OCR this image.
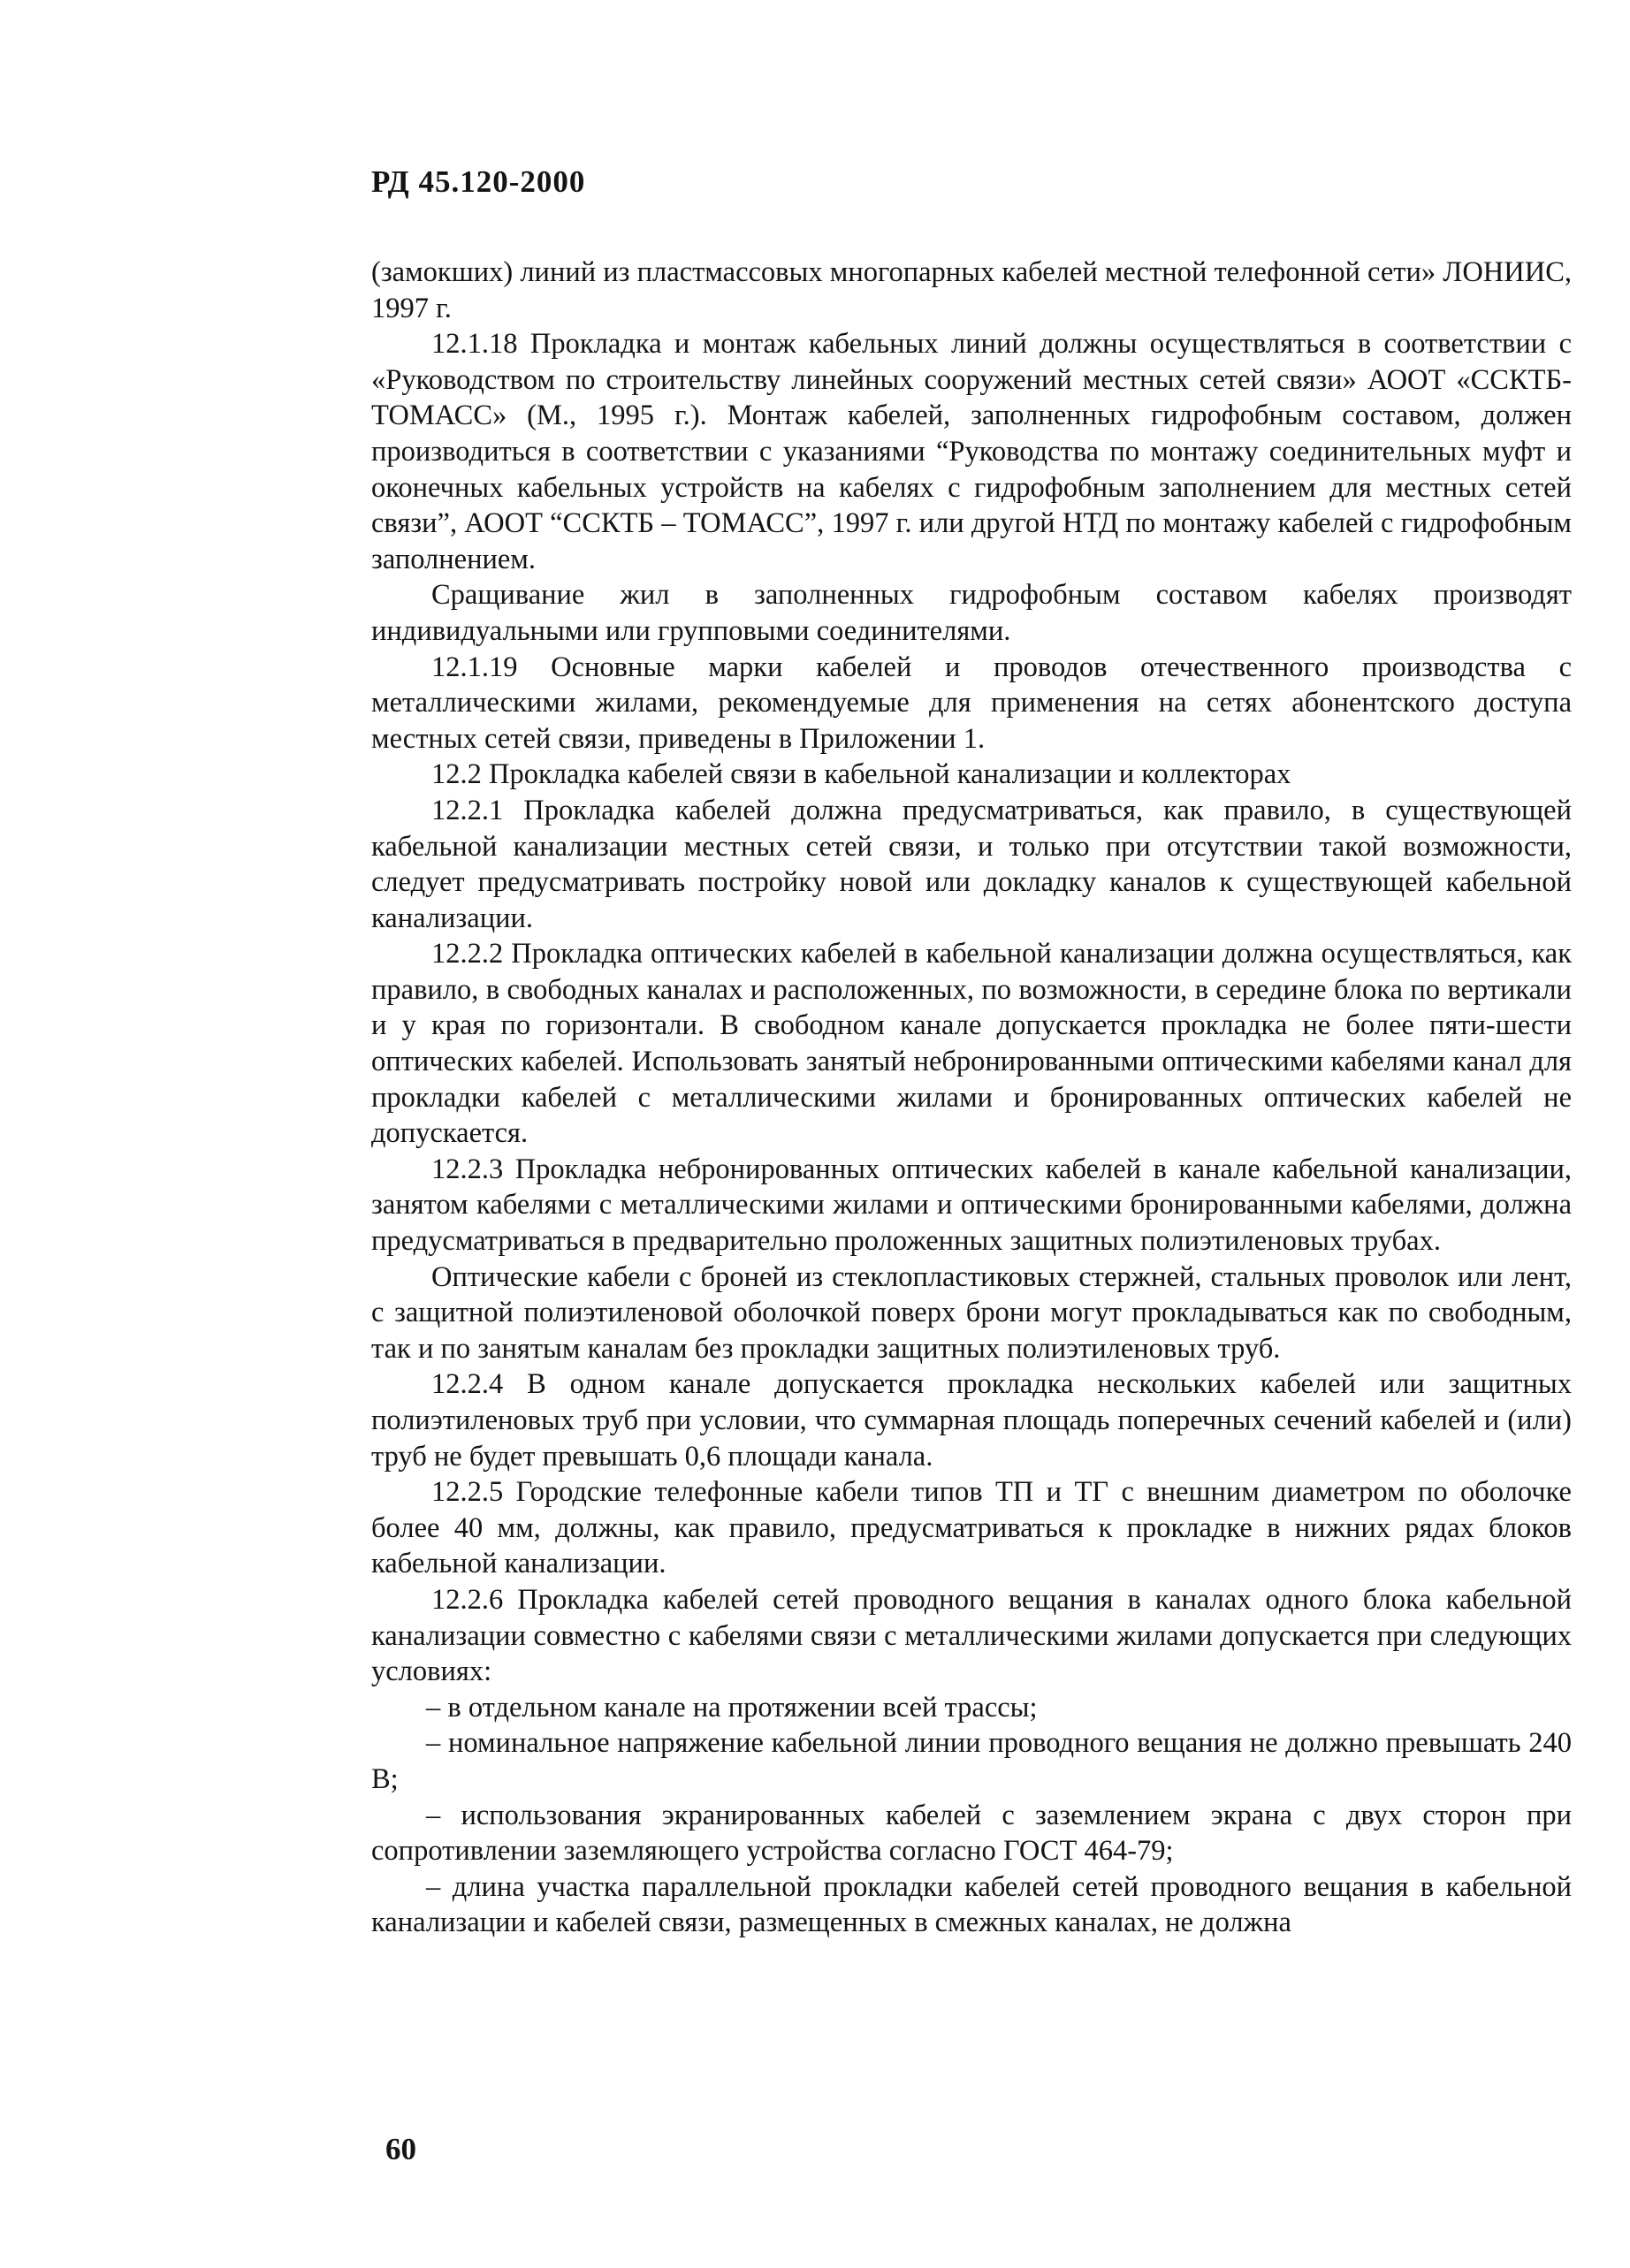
РД 45.120-2000

(замокших) линий из пластмассовых многопарных кабелей местной телефонной сети» ЛОНИИС, 1997 г.

12.1.18 Прокладка и монтаж кабельных линий должны осуществляться в соответствии с «Руководством по строительству линейных сооружений местных сетей связи» АООТ «ССКТБ-ТОМАСС» (М., 1995 г.). Монтаж кабелей, заполненных гидрофобным составом, должен производиться в соответствии с указаниями “Руководства по монтажу соединительных муфт и оконечных кабельных устройств на кабелях с гидрофобным заполнением для местных сетей связи”, АООТ “ССКТБ – ТОМАСС”, 1997 г. или другой НТД по монтажу кабелей с гидрофобным заполнением.

Сращивание жил в заполненных гидрофобным составом кабелях производят индивидуальными или групповыми соединителями.

12.1.19 Основные марки кабелей и проводов отечественного производства с металлическими жилами, рекомендуемые для применения на сетях абонентского доступа местных сетей связи, приведены в Приложении 1.

12.2 Прокладка кабелей связи в кабельной канализации и коллекторах

12.2.1 Прокладка кабелей должна предусматриваться, как правило, в существующей кабельной канализации местных сетей связи, и только при отсутствии такой возможности, следует предусматривать постройку новой или докладку каналов к существующей кабельной канализации.

12.2.2 Прокладка оптических кабелей в кабельной канализации должна осуществляться, как правило, в свободных каналах и расположенных, по возможности, в середине блока по вертикали и у края по горизонтали. В свободном канале допускается прокладка не более пяти-шести оптических кабелей. Использовать занятый небронированными оптическими кабелями канал для прокладки кабелей с металлическими жилами и бронированных оптических кабелей не допускается.

12.2.3 Прокладка небронированных оптических кабелей в канале кабельной канализации, занятом кабелями с металлическими жилами и оптическими бронированными кабелями, должна предусматриваться в предварительно проложенных защитных полиэтиленовых трубах.

Оптические кабели с броней из стеклопластиковых стержней, стальных проволок или лент, с защитной полиэтиленовой оболочкой поверх брони могут прокладываться как по свободным, так и по занятым каналам без прокладки защитных полиэтиленовых труб.

12.2.4 В одном канале допускается прокладка нескольких кабелей или защитных полиэтиленовых труб при условии, что суммарная площадь поперечных сечений кабелей и (или) труб не будет превышать 0,6 площади канала.

12.2.5 Городские телефонные кабели типов ТП и ТГ с внешним диаметром по оболочке более 40 мм, должны, как правило, предусматриваться к прокладке в нижних рядах блоков кабельной канализации.

12.2.6 Прокладка кабелей сетей проводного вещания в каналах одного блока кабельной канализации совместно с кабелями связи с металлическими жилами допускается при следующих условиях:

– в отдельном канале на протяжении всей трассы;

– номинальное напряжение кабельной линии проводного вещания не должно превышать 240 В;

– использования экранированных кабелей с заземлением экрана с двух сторон при сопротивлении заземляющего устройства согласно ГОСТ 464-79;

– длина участка параллельной прокладки кабелей сетей проводного вещания в кабельной канализации и кабелей связи, размещенных в смежных каналах, не должна

60
